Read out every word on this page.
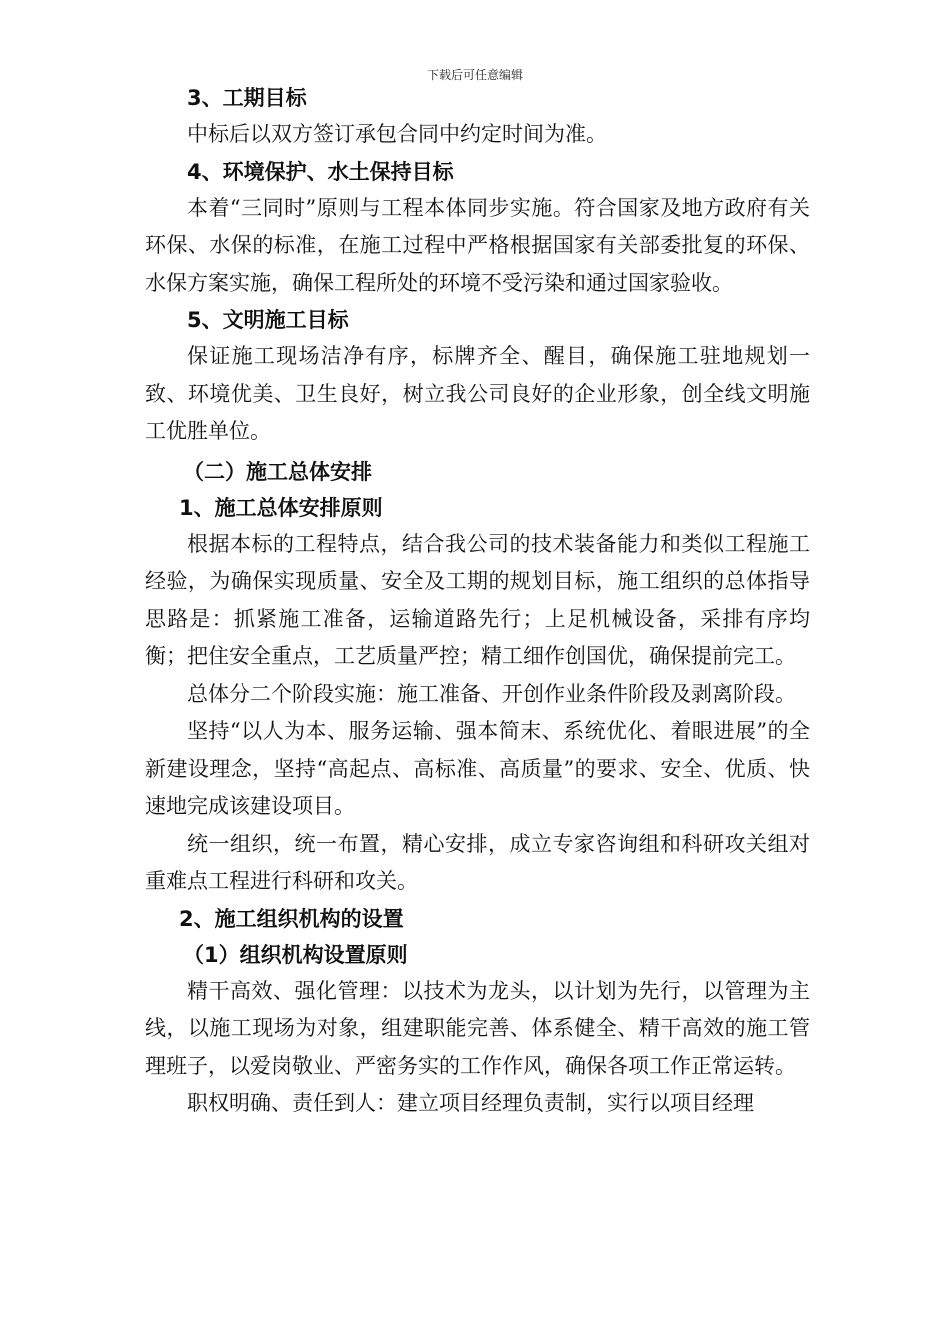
下载后可任意编辑
3、工期目标
中标后以双方签订承包合同中约定时间为准。
4、环境保护、水土保持目标
本着“三同时”原则与工程本体同步实施。符合国家及地方政府有关环保、水保的标准，在施工过程中严格根据国家有关部委批复的环保、水保方案实施，确保工程所处的环境不受污染和通过国家验收。
5、文明施工目标
保证施工现场洁净有序，标牌齐全、醒目，确保施工驻地规划一致、环境优美、卫生良好，树立我公司良好的企业形象，创全线文明施工优胜单位。
（二）施工总体安排
1、施工总体安排原则
根据本标的工程特点，结合我公司的技术装备能力和类似工程施工经验，为确保实现质量、安全及工期的规划目标，施工组织的总体指导思路是：抓紧施工准备，运输道路先行；上足机械设备，采排有序均衡；把住安全重点，工艺质量严控；精工细作创国优，确保提前完工。
总体分二个阶段实施：施工准备、开创作业条件阶段及剥离阶段。
坚持“以人为本、服务运输、强本简末、系统优化、着眼进展”的全新建设理念，坚持“高起点、高标准、高质量”的要求、安全、优质、快速地完成该建设项目。
统一组织，统一布置，精心安排，成立专家咨询组和科研攻关组对重难点工程进行科研和攻关。
2、施工组织机构的设置
（1）组织机构设置原则
精干高效、强化管理：以技术为龙头，以计划为先行，以管理为主线，以施工现场为对象，组建职能完善、体系健全、精干高效的施工管理班子，以爱岗敬业、严密务实的工作作风，确保各项工作正常运转。
职权明确、责任到人：建立项目经理负责制，实行以项目经理
